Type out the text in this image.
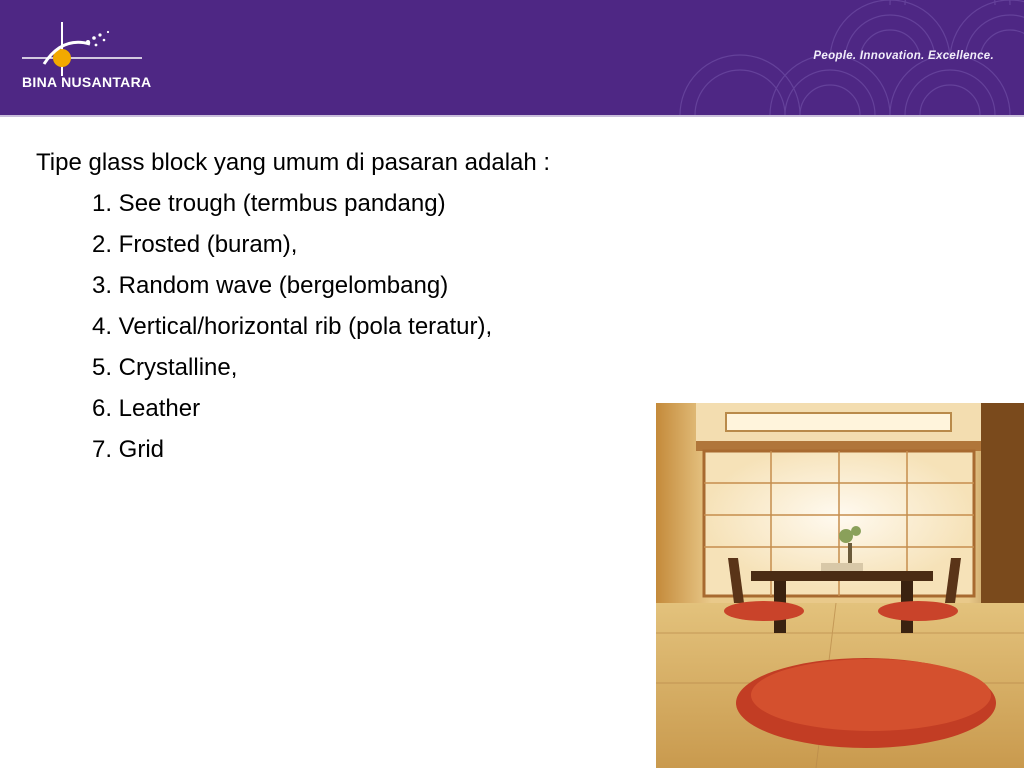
BINA NUSANTARA
People. Innovation. Excellence.

Tipe glass block yang umum di pasaran adalah :

1. See trough (termbus pandang)
2. Frosted (buram),
3. Random wave (bergelombang)
4. Vertical/horizontal rib (pola teratur),
5. Crystalline,
6. Leather
7. Grid
